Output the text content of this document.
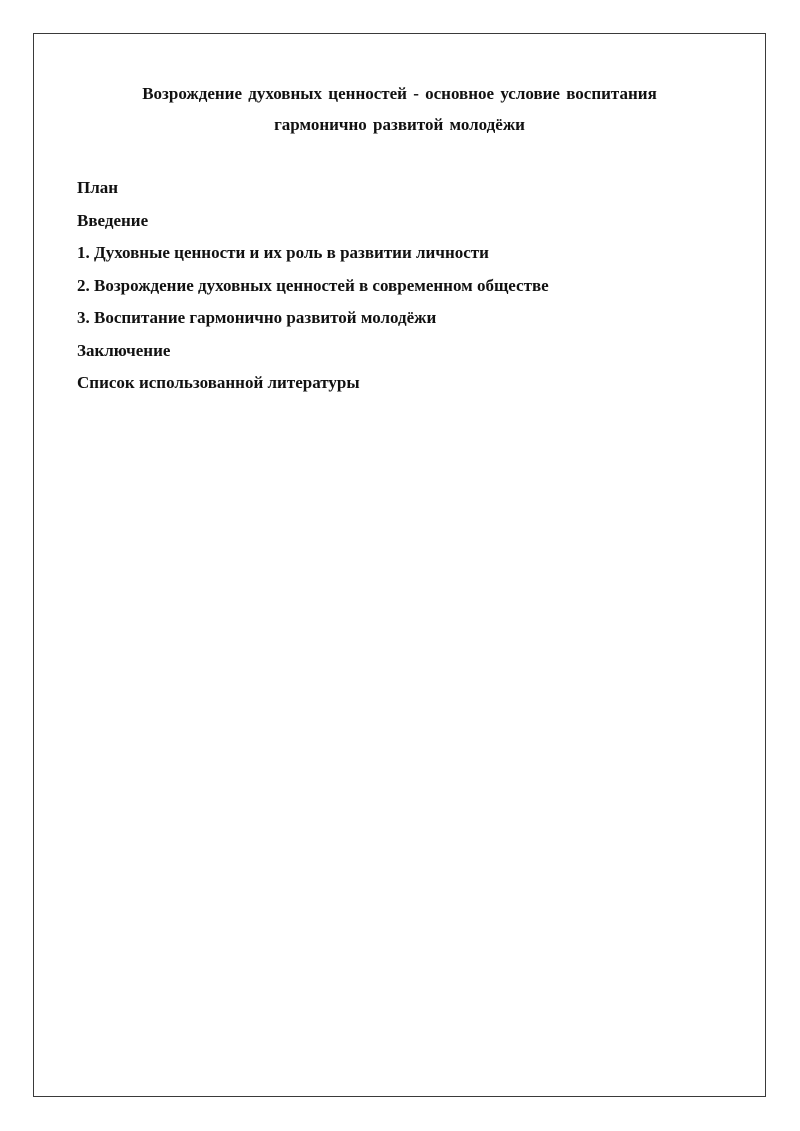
Возрождение духовных ценностей - основное условие воспитания
гармонично развитой молодёжи
План
Введение
1. Духовные ценности и их роль в развитии личности
2. Возрождение духовных ценностей в современном обществе
3. Воспитание гармонично развитой молодёжи
Заключение
Список использованной литературы
